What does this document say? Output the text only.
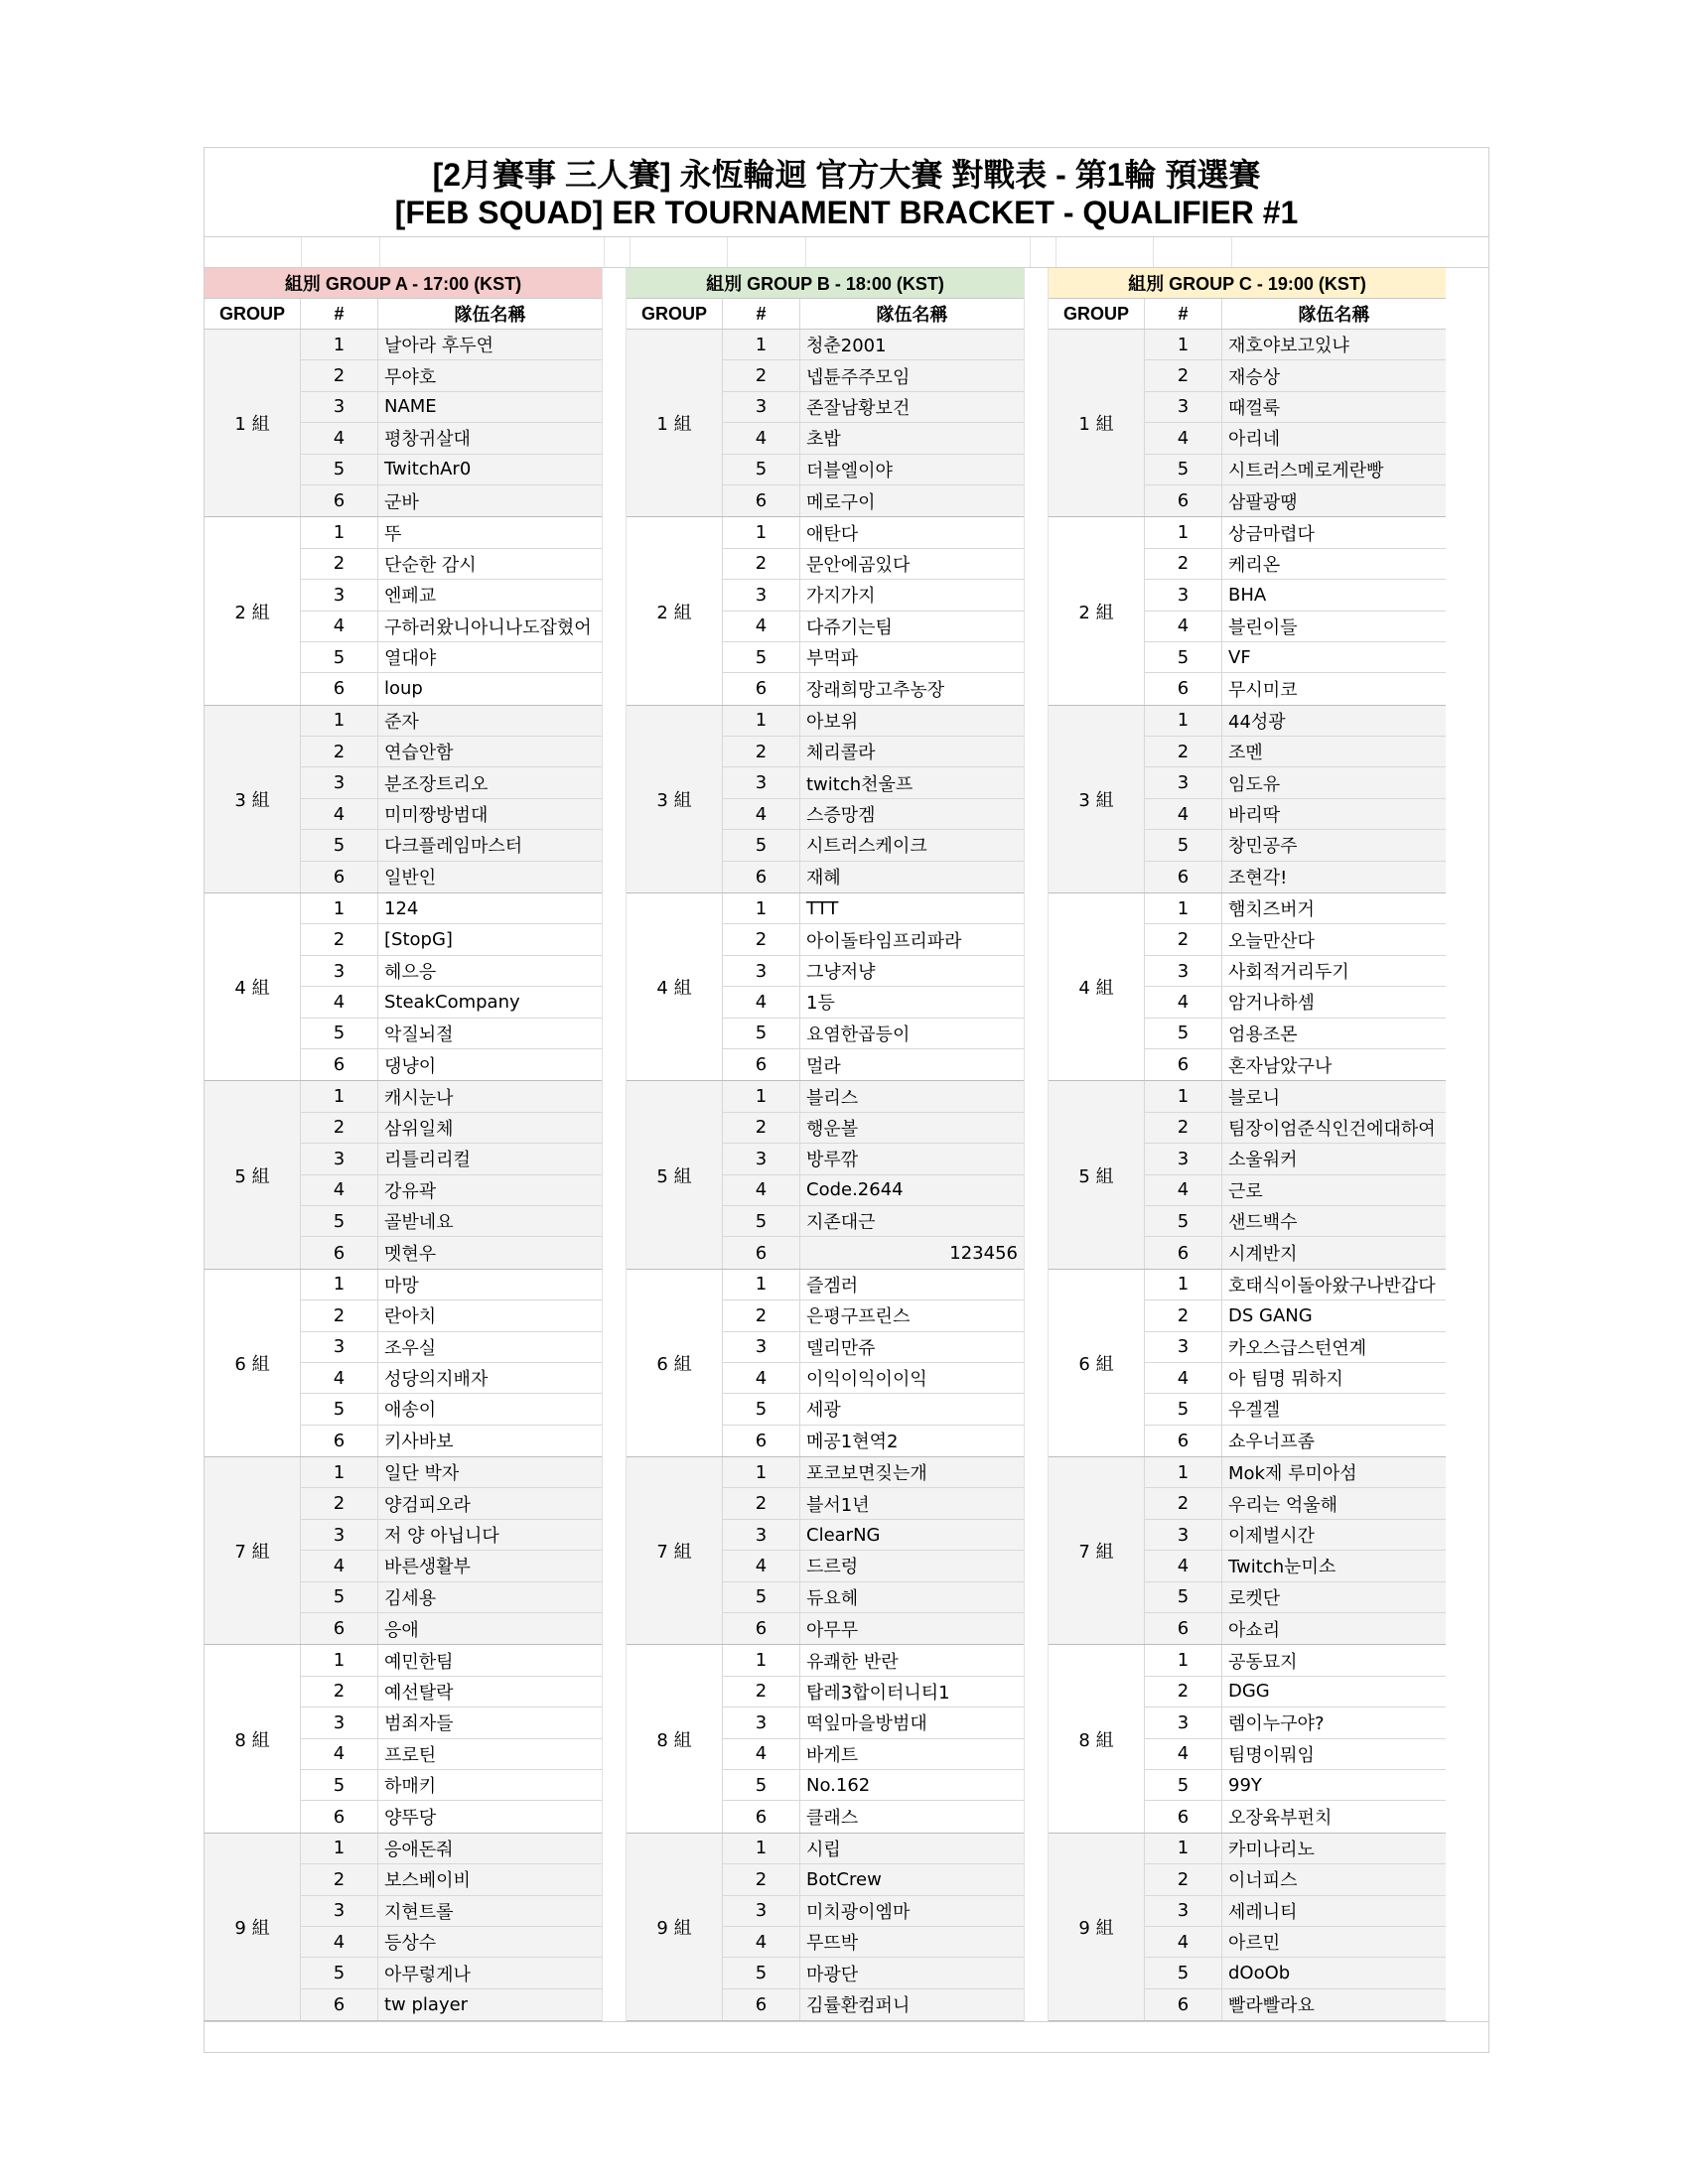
[2月賽事 三人賽] 永恆輪迴 官方大賽 對戰表 - 第1輪 預選賽
[FEB SQUAD] ER TOURNAMENT BRACKET - QUALIFIER #1
組別 GROUP A - 17:00 (KST)
GROUP	#	隊伍名稱
1 組
1	날아라 후두연
2	무야호
3	NAME
4	평창귀살대
5	TwitchAr0
6	군바
2 組
1	뚜
2	단순한 감시
3	엔페교
4	구하러왔니아니나도잡혔어
5	열대야
6	loup
3 組
1	준자
2	연습안함
3	분조장트리오
4	미미짱방범대
5	다크플레임마스터
6	일반인
4 組
1	124
2	[StopG]
3	헤으응
4	SteakCompany
5	악질뇌절
6	댕냥이
5 組
1	캐시눈나
2	삼위일체
3	리틀리리컬
4	강유곽
5	골받네요
6	멧현우
6 組
1	마망
2	란아치
3	조우실
4	성당의지배자
5	애송이
6	키사바보
7 組
1	일단 박자
2	양검피오라
3	저 양 아닙니다
4	바른생활부
5	김세용
6	응애
8 組
1	예민한팀
2	예선탈락
3	범죄자들
4	프로틴
5	하매키
6	양뚜당
9 組
1	응애돈줘
2	보스베이비
3	지현트롤
4	등상수
5	아무렇게나
6	tw player
組別 GROUP B - 18:00 (KST)
GROUP	#	隊伍名稱
1 組
1	청춘2001
2	넵튠주주모임
3	존잘남황보건
4	초밥
5	더블엘이야
6	메로구이
2 組
1	애탄다
2	문안에곰있다
3	가지가지
4	다쥬기는팀
5	부먹파
6	장래희망고추농장
3 組
1	아보위
2	체리콜라
3	twitch천울프
4	스증망겜
5	시트러스케이크
6	재혜
4 組
1	TTT
2	아이돌타임프리파라
3	그냥저냥
4	1등
5	요염한곱등이
6	멀라
5 組
1	블리스
2	행운볼
3	방루깎
4	Code.2644
5	지존대근
6	123456
6 組
1	즐겜러
2	은평구프린스
3	델리만쥬
4	이익이익이이익
5	세광
6	메공1현역2
7 組
1	포코보면짖는개
2	블서1년
3	ClearNG
4	드르렁
5	듀요헤
6	아무무
8 組
1	유쾌한 반란
2	탑레3합이터니티1
3	떡잎마을방범대
4	바게트
5	No.162
6	클래스
9 組
1	시립
2	BotCrew
3	미치광이엠마
4	무뜨박
5	마광단
6	김률환컴퍼니
組別 GROUP C - 19:00 (KST)
GROUP	#	隊伍名稱
1 組
1	재호야보고있냐
2	재승상
3	때껄룩
4	아리네
5	시트러스메로게란빵
6	삼팔광땡
2 組
1	상금마렵다
2	케리온
3	BHA
4	블린이들
5	VF
6	무시미코
3 組
1	44성광
2	조멘
3	임도유
4	바리딱
5	창민공주
6	조현각!
4 組
1	햄치즈버거
2	오늘만산다
3	사회적거리두기
4	암거나하셈
5	엄용조몬
6	혼자남았구나
5 組
1	블로니
2	팀장이엄준식인건에대하여
3	소울워커
4	근로
5	샌드백수
6	시계반지
6 組
1	호태식이돌아왔구나반갑다
2	DS GANG
3	카오스급스턴연계
4	아 팀명 뭐하지
5	우겔겔
6	쇼우너프좀
7 組
1	Mok제 루미아섬
2	우리는 억울해
3	이제벌시간
4	Twitch눈미소
5	로켓단
6	아쇼리
8 組
1	공동묘지
2	DGG
3	렘이누구야?
4	팀명이뭐임
5	99Y
6	오장육부펀치
9 組
1	카미나리노
2	이너피스
3	세레니티
4	아르민
5	dOoOb
6	빨라빨라요
